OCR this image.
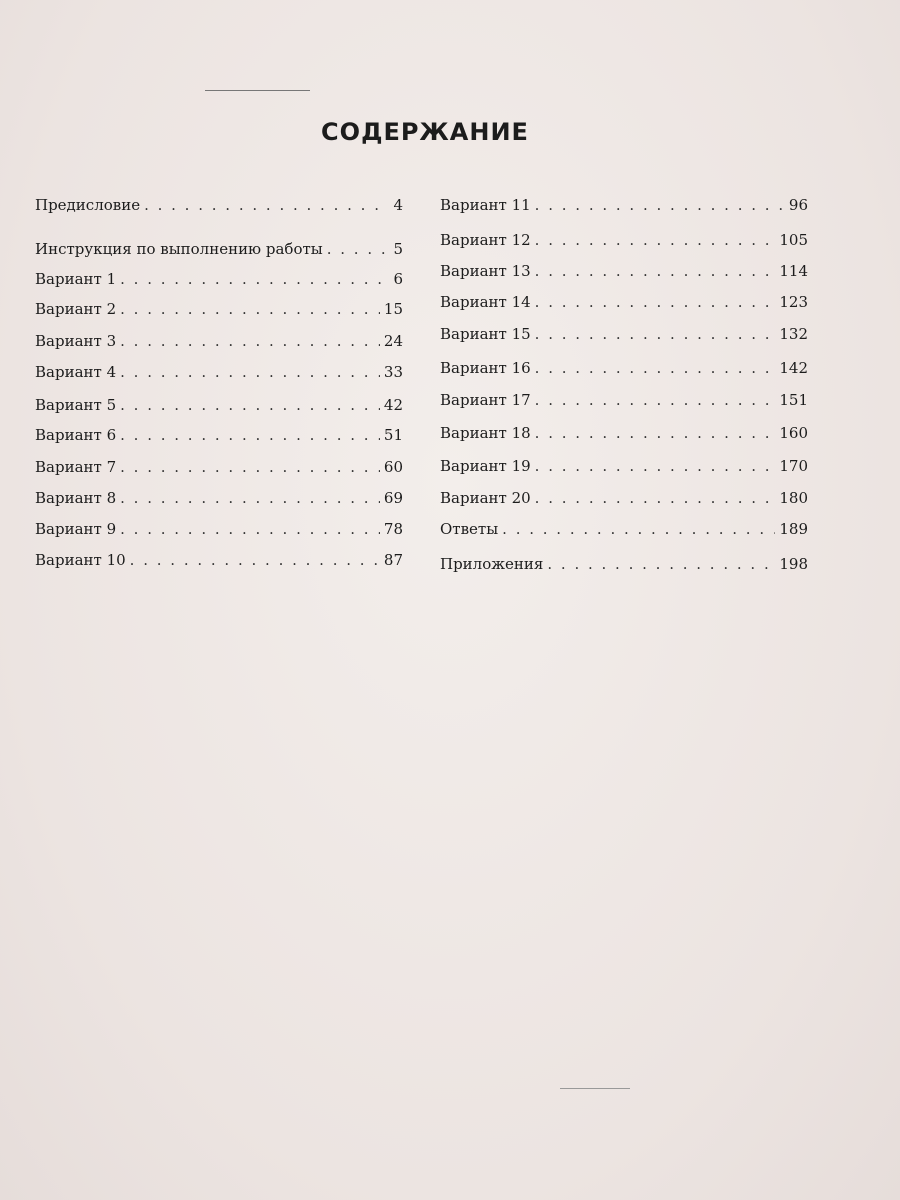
СОДЕРЖАНИЕ
Предисловие . . .	4
Инструкция по выполнению работы . . .	5
Вариант 1 . . .	6
Вариант 2 . . .	15
Вариант 3 . . .	24
Вариант 4 . . .	33
Вариант 5 . . .	42
Вариант 6 . . .	51
Вариант 7 . . .	60
Вариант 8 . . .	69
Вариант 9 . . .	78
Вариант 10 . . .	87
Вариант 11 . . .	96
Вариант 12 . . .	105
Вариант 13 . . .	114
Вариант 14 . . .	123
Вариант 15 . . .	132
Вариант 16 . . .	142
Вариант 17 . . .	151
Вариант 18 . . .	160
Вариант 19 . . .	170
Вариант 20 . . .	180
Ответы . . .	189
Приложения . . .	198
